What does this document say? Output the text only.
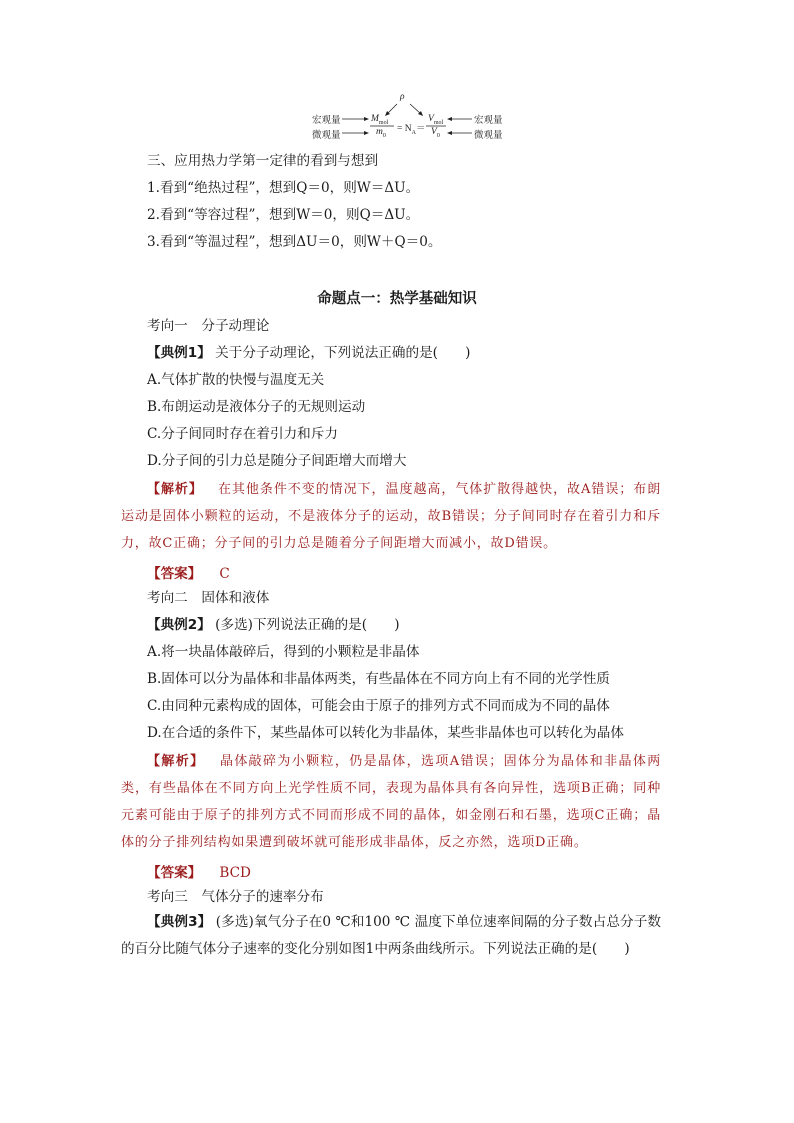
ρ
宏观量
微观量
宏观量
微观量
$M_{mol}$
$m_0$
= $N_A=$
$V_{mol}$
$V_0$
三、应用热力学第一定律的看到与想到
1.看到“绝热过程”，想到Q＝0，则W＝ΔU。
2.看到“等容过程”，想到W＝0，则Q＝ΔU。
3.看到“等温过程”，想到ΔU＝0，则W＋Q＝0。
命题点一：热学基础知识
考向一　分子动理论
【典例1】 关于分子动理论，下列说法正确的是(　　)
A.气体扩散的快慢与温度无关
B.布朗运动是液体分子的无规则运动
C.分子间同时存在着引力和斥力
D.分子间的引力总是随分子间距增大而增大
【解析】 在其他条件不变的情况下，温度越高，气体扩散得越快，故A错误；布朗运动是固体小颗粒的运动，不是液体分子的运动，故B错误；分子间同时存在着引力和斥力，故C正确；分子间的引力总是随着分子间距增大而减小，故D错误。
【答案】 C
考向二　固体和液体
【典例2】 (多选)下列说法正确的是(　　)
A.将一块晶体敲碎后，得到的小颗粒是非晶体
B.固体可以分为晶体和非晶体两类，有些晶体在不同方向上有不同的光学性质
C.由同种元素构成的固体，可能会由于原子的排列方式不同而成为不同的晶体
D.在合适的条件下，某些晶体可以转化为非晶体，某些非晶体也可以转化为晶体
【解析】 晶体敲碎为小颗粒，仍是晶体，选项A错误；固体分为晶体和非晶体两类，有些晶体在不同方向上光学性质不同，表现为晶体具有各向异性，选项B正确；同种元素可能由于原子的排列方式不同而形成不同的晶体，如金刚石和石墨，选项C正确；晶体的分子排列结构如果遭到破坏就可能形成非晶体，反之亦然，选项D正确。
【答案】 BCD
考向三　气体分子的速率分布
【典例3】 (多选)氧气分子在0 ℃和100 ℃ 温度下单位速率间隔的分子数占总分子数的百分比随气体分子速率的变化分别如图1中两条曲线所示。下列说法正确的是(　　)
